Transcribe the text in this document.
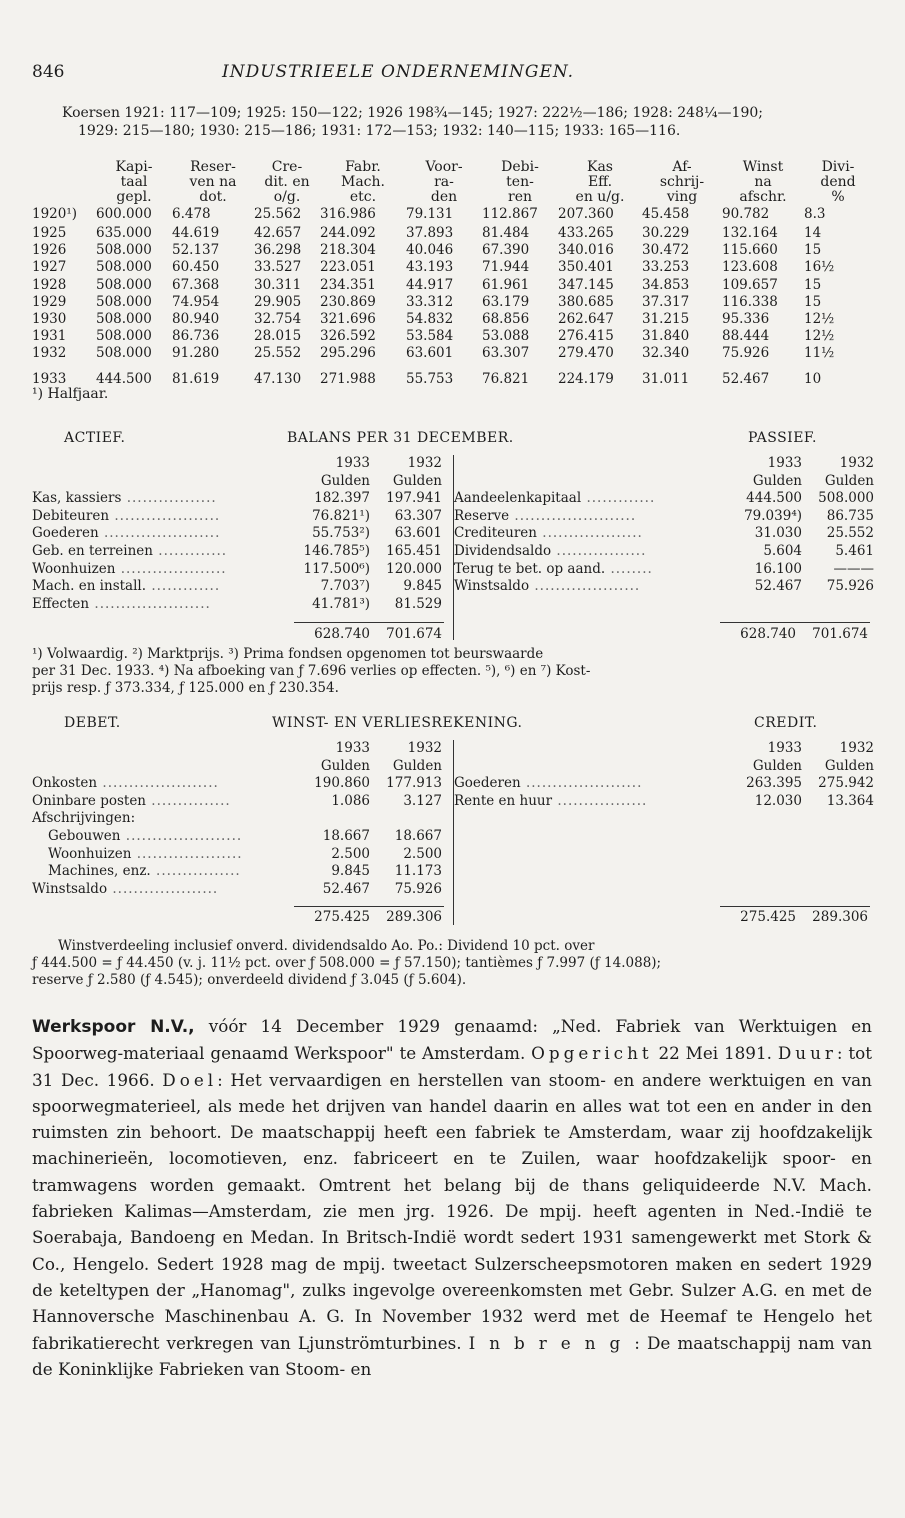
846	INDUSTRIEELE ONDERNEMINGEN.
Koersen 1921: 117—109; 1925: 150—122; 1926 198¾—145; 1927: 222½—186; 1928: 248¼—190;
1929: 215—180; 1930: 215—186; 1931: 172—153; 1932: 140—115; 1933: 165—116.
	Kapi-	Reser-	Cre-	Fabr.	Voor-	Debi-	Kas	Af-	Winst	Divi-
	taal	ven na	dit. en	Mach.	ra-	ten-	Eff.	schrij-	na	dend
	gepl.	dot.	o/g.	etc.	den	ren	en u/g.	ving	afschr.	%
1920¹)	600.000	6.478	25.562	316.986	79.131	112.867	207.360	45.458	90.782	8.3
1925	635.000	44.619	42.657	244.092	37.893	81.484	433.265	30.229	132.164	14
1926	508.000	52.137	36.298	218.304	40.046	67.390	340.016	30.472	115.660	15
1927	508.000	60.450	33.527	223.051	43.193	71.944	350.401	33.253	123.608	16½
1928	508.000	67.368	30.311	234.351	44.917	61.961	347.145	34.853	109.657	15
1929	508.000	74.954	29.905	230.869	33.312	63.179	380.685	37.317	116.338	15
1930	508.000	80.940	32.754	321.696	54.832	68.856	262.647	31.215	95.336	12½
1931	508.000	86.736	28.015	326.592	53.584	53.088	276.415	31.840	88.444	12½
1932	508.000	91.280	25.552	295.296	63.601	63.307	279.470	32.340	75.926	11½
1933	444.500	81.619	47.130	271.988	55.753	76.821	224.179	31.011	52.467	10
¹) Halfjaar.
ACTIEF.	BALANS PER 31 DECEMBER.	PASSIEF.
	1933	1932
	Gulden	Gulden
Kas, kassiers .................	182.397	197.941
Debiteuren ....................	76.821¹)	63.307
Goederen ......................	55.753²)	63.601
Geb. en terreinen .............	146.785⁵)	165.451
Woonhuizen ....................	117.500⁶)	120.000
Mach. en install. .............	7.703⁷)	9.845
Effecten ......................	41.781³)	81.529
	1933	1932
	Gulden	Gulden
Aandeelenkapitaal .............	444.500	508.000
Reserve .......................	79.039⁴)	86.735
Crediteuren ...................	31.030	25.552
Dividendsaldo .................	5.604	5.461
Terug te bet. op aand. ........	16.100	———
Winstsaldo ....................	52.467	75.926
628.740 701.674	628.740 701.674
¹) Volwaardig. ²) Marktprijs. ³) Prima fondsen opgenomen tot beurswaarde
per 31 Dec. 1933. ⁴) Na afboeking van ƒ 7.696 verlies op effecten. ⁵), ⁶) en ⁷) Kost-
prijs resp. ƒ 373.334, ƒ 125.000 en ƒ 230.354.
DEBET.	WINST- EN VERLIESREKENING.	CREDIT.
	1933	1932
	Gulden	Gulden
Onkosten ......................	190.860	177.913
Oninbare posten ...............	1.086	3.127
Afschrijvingen:		
Gebouwen ......................	18.667	18.667
Woonhuizen ....................	2.500	2.500
Machines, enz. ................	9.845	11.173
Winstsaldo ....................	52.467	75.926
	1933	1932
	Gulden	Gulden
Goederen ......................	263.395	275.942
Rente en huur .................	12.030	13.364
275.425 289.306	275.425 289.306
Winstverdeeling inclusief onverd. dividendsaldo Ao. Po.: Dividend 10 pct. over
ƒ 444.500 = ƒ 44.450 (v. j. 11½ pct. over ƒ 508.000 = ƒ 57.150); tantièmes ƒ 7.997 (ƒ 14.088);
reserve ƒ 2.580 (ƒ 4.545); onverdeeld dividend ƒ 3.045 (ƒ 5.604).
Werkspoor N.V., vóór 14 December 1929 genaamd: „Ned. Fabriek van Werktuigen en Spoorweg-materiaal genaamd Werkspoor" te Amsterdam. Opgericht 22 Mei 1891. Duur: tot 31 Dec. 1966. Doel: Het vervaardigen en herstellen van stoom- en andere werktuigen en van spoorwegmaterieel, als mede het drijven van handel daarin en alles wat tot een en ander in den ruimsten zin behoort. De maatschappij heeft een fabriek te Amsterdam, waar zij hoofdzakelijk machinerieën, locomotieven, enz. fabriceert en te Zuilen, waar hoofdzakelijk spoor- en tramwagens worden gemaakt. Omtrent het belang bij de thans geliquideerde N.V. Mach. fabrieken Kalimas—Amsterdam, zie men jrg. 1926. De mpij. heeft agenten in Ned.-Indië te Soerabaja, Bandoeng en Medan. In Britsch-Indië wordt sedert 1931 samengewerkt met Stork & Co., Hengelo. Sedert 1928 mag de mpij. tweetact Sulzerscheepsmotoren maken en sedert 1929 de keteltypen der „Hanomag", zulks ingevolge overeenkomsten met Gebr. Sulzer A.G. en met de Hannoversche Maschinenbau A. G. In November 1932 werd met de Heemaf te Hengelo het fabrikatierecht verkregen van Ljunströmturbines. Inbreng: De maatschappij nam van de Koninklijke Fabrieken van Stoom- en
